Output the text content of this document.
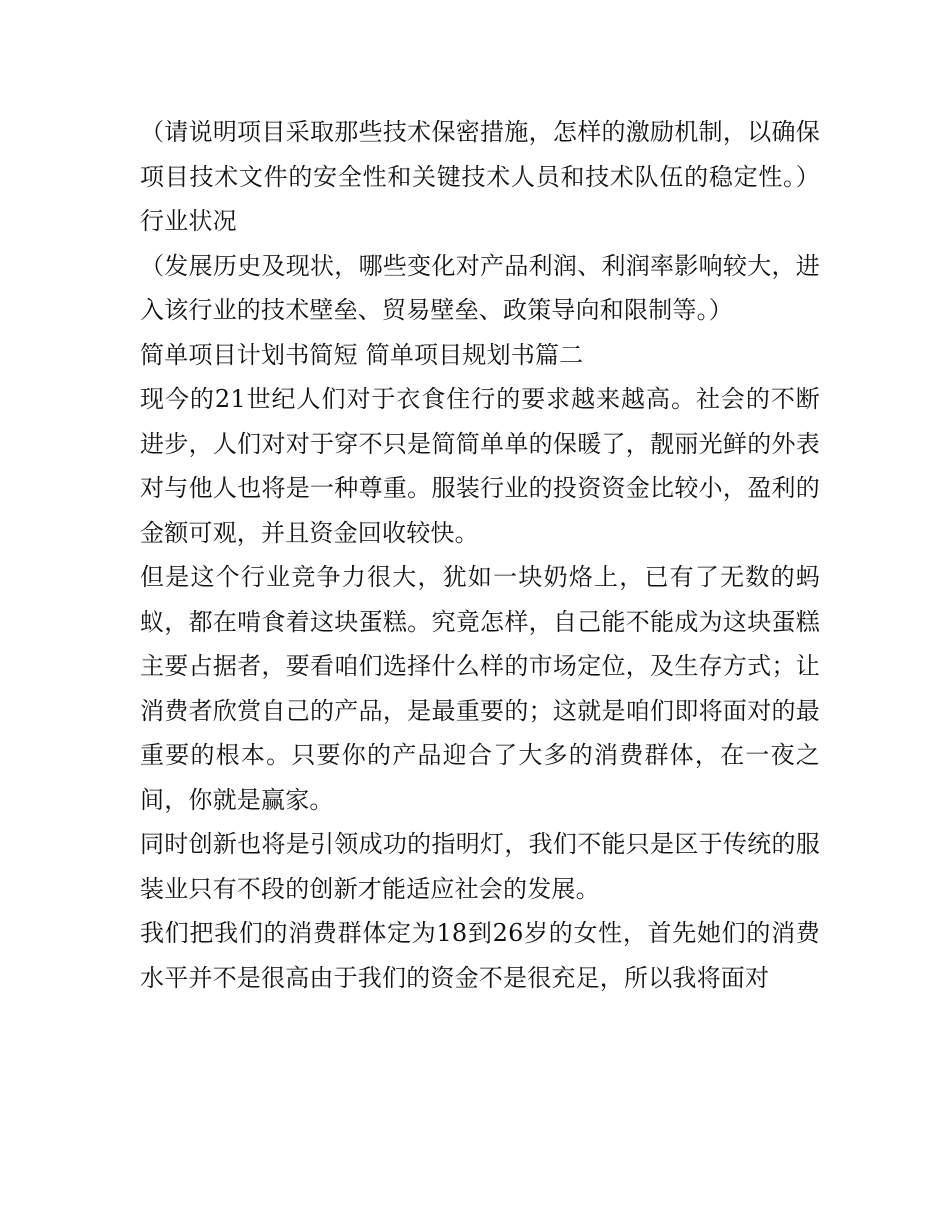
（请说明项目采取那些技术保密措施，怎样的激励机制，以确保项目技术文件的安全性和关键技术人员和技术队伍的稳定性。） 行业状况

（发展历史及现状，哪些变化对产品利润、利润率影响较大，进入该行业的技术壁垒、贸易壁垒、政策导向和限制等。）

简单项目计划书简短 简单项目规划书篇二

现今的21世纪人们对于衣食住行的要求越来越高。社会的不断进步，人们对对于穿不只是简简单单的保暖了，靓丽光鲜的外表对与他人也将是一种尊重。服装行业的投资资金比较小，盈利的金额可观，并且资金回收较快。

但是这个行业竞争力很大，犹如一块奶烙上，已有了无数的蚂蚁，都在啃食着这块蛋糕。究竟怎样，自己能不能成为这块蛋糕主要占据者，要看咱们选择什么样的市场定位，及生存方式；让消费者欣赏自己的产品，是最重要的；这就是咱们即将面对的最重要的根本。只要你的产品迎合了大多的消费群体，在一夜之间，你就是赢家。

同时创新也将是引领成功的指明灯，我们不能只是区于传统的服装业只有不段的创新才能适应社会的发展。

我们把我们的消费群体定为18到26岁的女性，首先她们的消费水平并不是很高由于我们的资金不是很充足，所以我将面对
